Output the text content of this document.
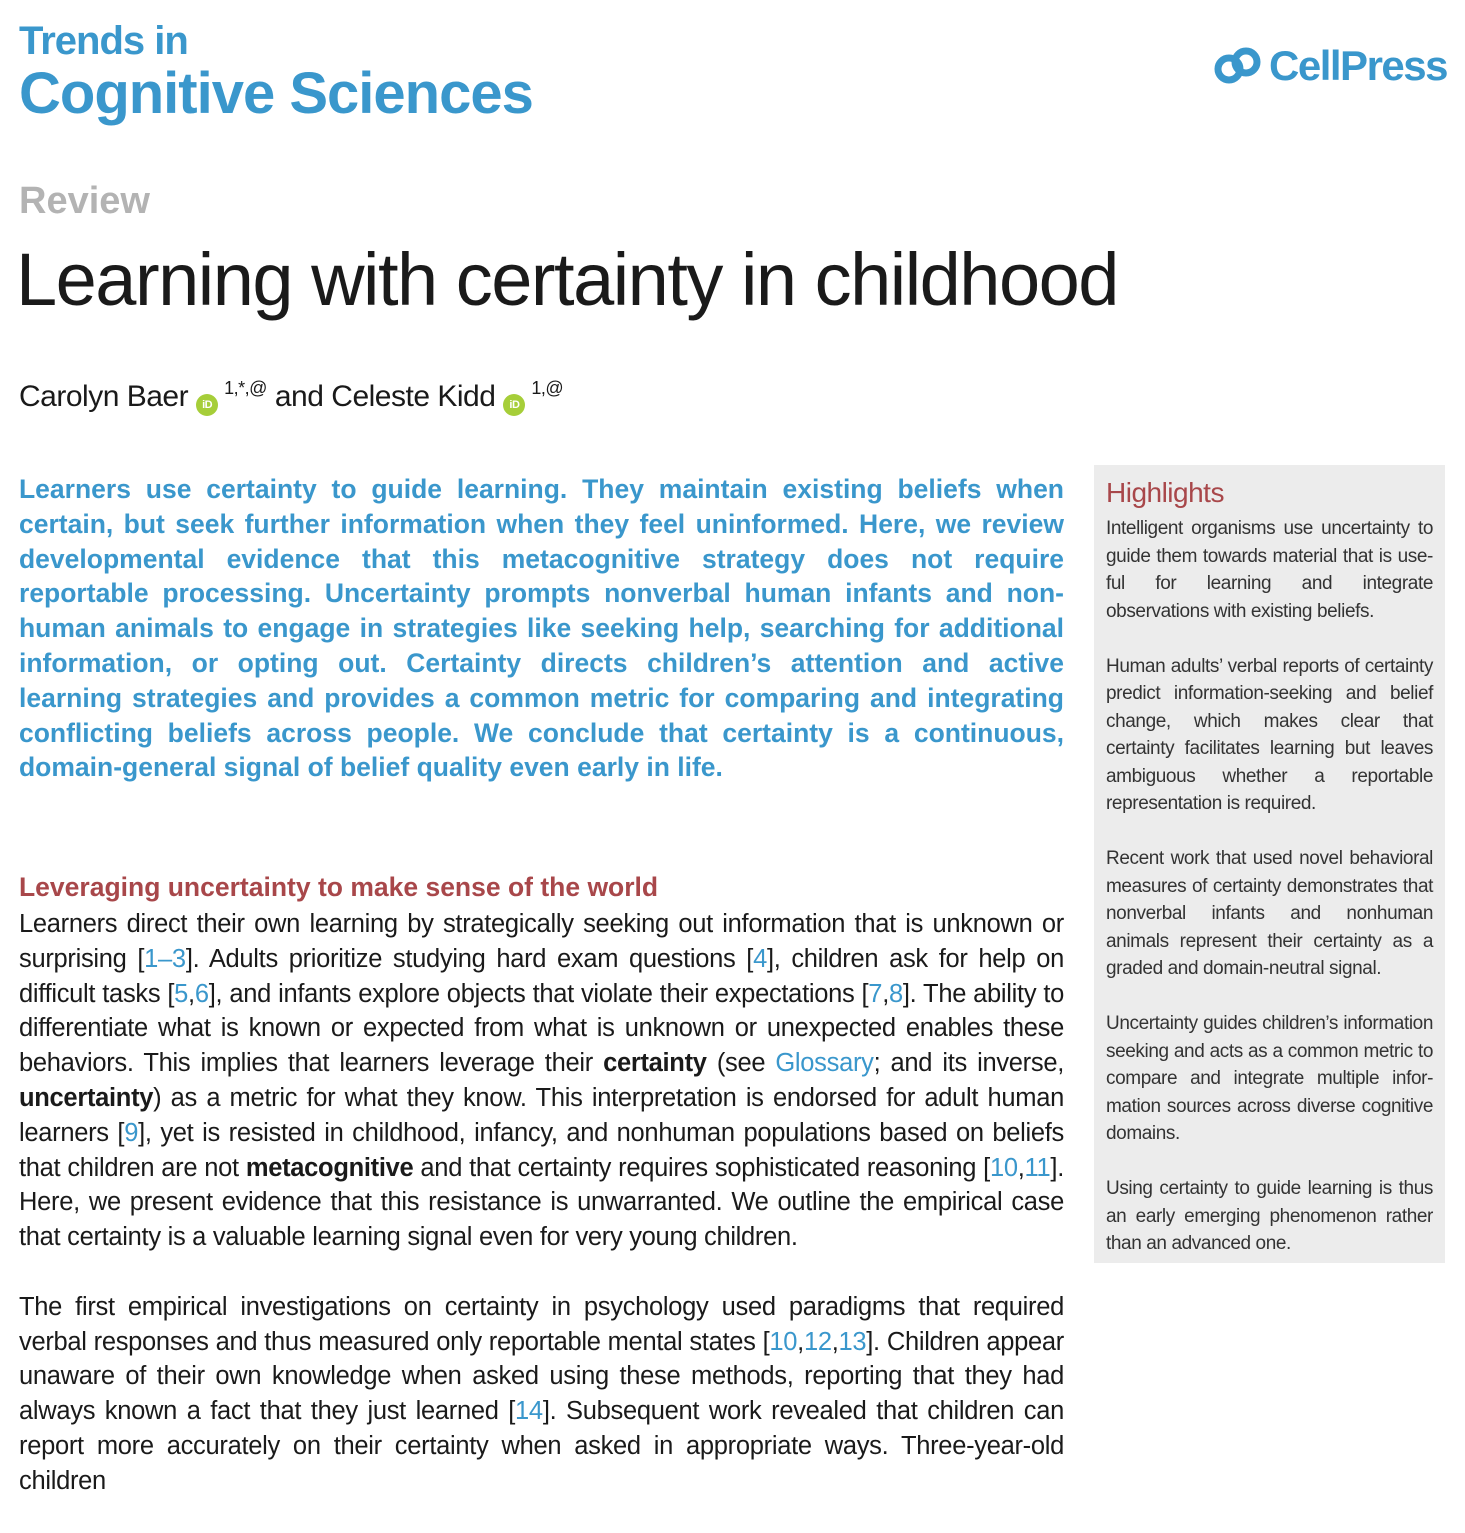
Trends in
Cognitive Sciences	CellPress
Review
Learning with certainty in childhood
Carolyn Baer	iD
$^{1,*,@}$ and
Celeste Kidd	iD
$^{1,@}$

Learners use certainty to guide learning. They maintain existing beliefs when certain, but seek further information when they feel uninformed. Here, we review developmental evidence that this metacognitive strategy does not require reportable processing. Uncertainty prompts nonverbal human infants and non-human animals to engage in strategies like seeking help, searching for additional information, or opting out. Certainty directs children’s attention and active learning strategies and provides a common metric for comparing and integrating conflicting beliefs across people. We conclude that certainty is a continuous, domain-general signal of belief quality even early in life.

Highlights

Intelligent organisms use uncertainty to guide them towards material that is use-ful for learning and integrate observations with existing beliefs.

Human adults’ verbal reports of certainty predict information-seeking and belief change, which makes clear that certainty facilitates learning but leaves ambiguous whether a reportable representation is required.

Recent work that used novel behavioral measures of certainty demonstrates that nonverbal infants and nonhuman animals represent their certainty as a graded and domain-neutral signal.

Uncertainty guides children’s information seeking and acts as a common metric to compare and integrate multiple infor-mation sources across diverse cognitive domains.

Using certainty to guide learning is thus an early emerging phenomenon rather than an advanced one.

Leveraging uncertainty to make sense of the world

Learners direct their own learning by strategically seeking out information that is unknown or surprising [1–3]. Adults prioritize studying hard exam questions [4], children ask for help on difficult tasks [5,6], and infants explore objects that violate their expectations [7,8]. The ability to differentiate what is known or expected from what is unknown or unexpected enables these behaviors. This implies that learners leverage their certainty (see Glossary; and its inverse, uncertainty) as a metric for what they know. This interpretation is endorsed for adult human learners [9], yet is resisted in childhood, infancy, and nonhuman populations based on beliefs that children are not metacognitive and that certainty requires sophisticated reasoning [10,11]. Here, we present evidence that this resistance is unwarranted. We outline the empirical case that certainty is a valuable learning signal even for very young children.

The first empirical investigations on certainty in psychology used paradigms that required verbal responses and thus measured only reportable mental states [10,12,13]. Children appear unaware of their own knowledge when asked using these methods, reporting that they had always known a fact that they just learned [14]. Subsequent work revealed that children can report more accurately on their certainty when asked in appropriate ways. Three-year-old children
